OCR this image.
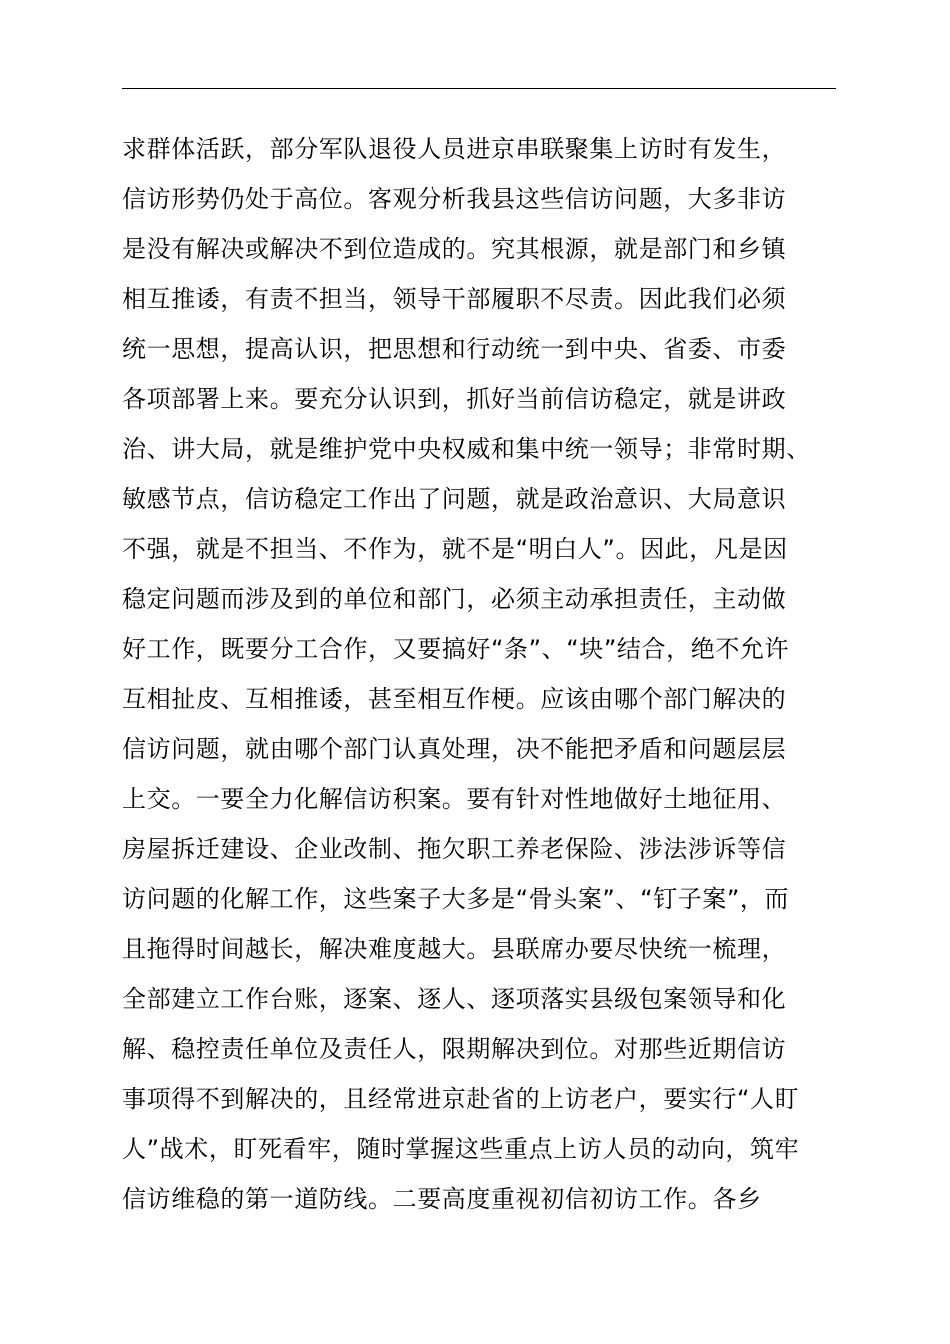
求群体活跃，部分军队退役人员进京串联聚集上访时有发生，
信访形势仍处于高位。客观分析我县这些信访问题，大多非访
是没有解决或解决不到位造成的。究其根源，就是部门和乡镇
相互推诿，有责不担当，领导干部履职不尽责。因此我们必须
统一思想，提高认识，把思想和行动统一到中央、省委、市委
各项部署上来。要充分认识到，抓好当前信访稳定，就是讲政
治、讲大局，就是维护党中央权威和集中统一领导；非常时期、
敏感节点，信访稳定工作出了问题，就是政治意识、大局意识
不强，就是不担当、不作为，就不是“明白人”。因此，凡是因
稳定问题而涉及到的单位和部门，必须主动承担责任，主动做
好工作，既要分工合作，又要搞好“条”、“块”结合，绝不允许
互相扯皮、互相推诿，甚至相互作梗。应该由哪个部门解决的
信访问题，就由哪个部门认真处理，决不能把矛盾和问题层层
上交。一要全力化解信访积案。要有针对性地做好土地征用、
房屋拆迁建设、企业改制、拖欠职工养老保险、涉法涉诉等信
访问题的化解工作，这些案子大多是“骨头案”、“钉子案”，而
且拖得时间越长，解决难度越大。县联席办要尽快统一梳理，
全部建立工作台账，逐案、逐人、逐项落实县级包案领导和化
解、稳控责任单位及责任人，限期解决到位。对那些近期信访
事项得不到解决的，且经常进京赴省的上访老户，要实行“人盯
人”战术，盯死看牢，随时掌握这些重点上访人员的动向，筑牢
信访维稳的第一道防线。二要高度重视初信初访工作。各乡
